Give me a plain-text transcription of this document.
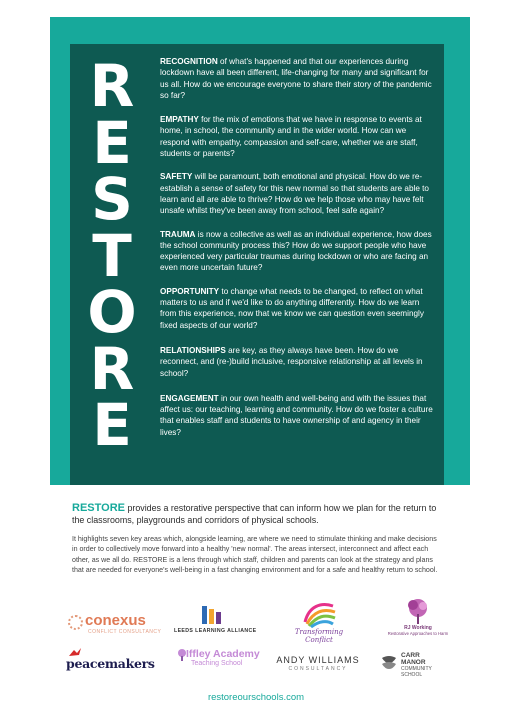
R
E
S
T
O
R
E

RECOGNITION of what's happened and that our experiences during lockdown have all been different, life-changing for many and significant for us all. How do we encourage everyone to share their story of the pandemic so far?

EMPATHY for the mix of emotions that we have in response to events at home, in school, the community and in the wider world. How can we respond with empathy, compassion and self-care, whether we are staff, students or parents?

SAFETY will be paramount, both emotional and physical. How do we re-establish a sense of safety for this new normal so that students are able to learn and all are able to thrive? How do we help those who may have felt unsafe whilst they've been away from school, feel safe again?

TRAUMA is now a collective as well as an individual experience, how does the school community process this? How do we support people who have experienced very particular traumas during lockdown or who are facing an even more uncertain future?

OPPORTUNITY to change what needs to be changed, to reflect on what matters to us and if we'd like to do anything differently. How do we learn from this experience, now that we know we can question even seemingly fixed aspects of our world?

RELATIONSHIPS are key, as they always have been. How do we reconnect, and (re-)build inclusive, responsive relationship at all levels in school?

ENGAGEMENT in our own health and well-being and with the issues that affect us: our teaching, learning and community. How do we foster a culture that enables staff and students to have ownership of and agency in their lives?

RESTORE provides a restorative perspective that can inform how we plan for the return to the classrooms, playgrounds and corridors of physical schools.

It highlights seven key areas which, alongside learning, are where we need to stimulate thinking and make decisions in order to collectively move forward into a healthy 'new normal'. The areas intersect, interconnect and affect each other, as we all do. RESTORE is a lens through which staff, children and parents can look at the strategy and plans that are needed for everyone's well-being in a fast changing environment and for a safe and healthy return to school.

conexus
CONFLICT CONSULTANCY LEEDS LEARNING ALLIANCE	Transforming
Conflict
RJ Working
Restorative Approaches to Harm
peacemakers
Iffley Academy
Teaching School	ANDY WILLIAMS
CONSULTANCY
CARR
MANOR
COMMUNITY
SCHOOL
restoreourschools.com
